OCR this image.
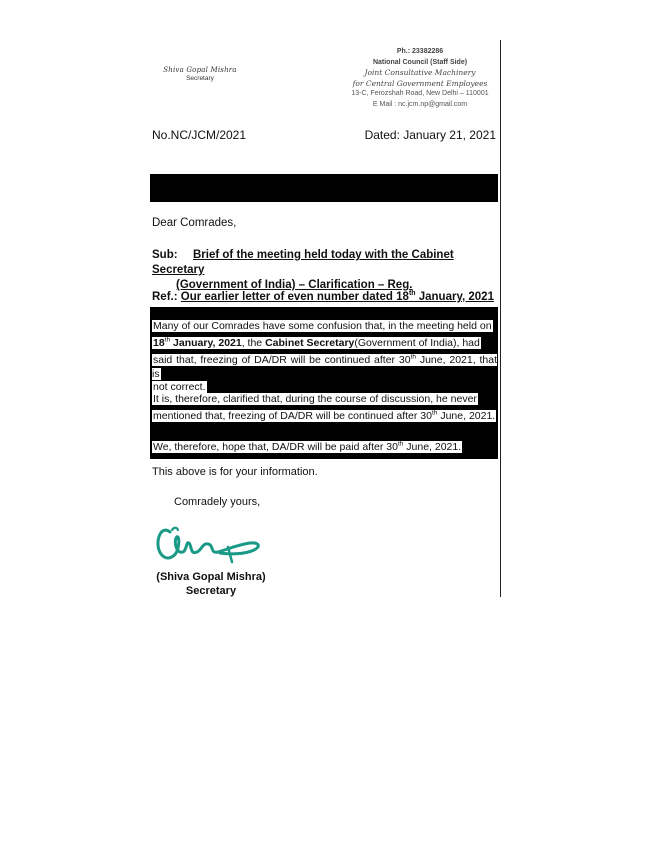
Shiva Gopal Mishra
Secretary
Ph.: 23382286
National Council (Staff Side)
Joint Consultative Machinery
for Central Government Employees
13-C, Ferozshah Road, New Delhi – 110001
E Mail : nc.jcm.np@gmail.com
No.NC/JCM/2021	Dated: January 21, 2021
Dear Comrades,
Sub: Brief of the meeting held today with the Cabinet Secretary
(Government of India) – Clarification – Reg.
Ref.: Our earlier letter of even number dated 18th January, 2021
Many of our Comrades have some confusion that, in the meeting held on
18th January, 2021, the Cabinet Secretary(Government of India), had
said that, freezing of DA/DR will be continued after 30th June, 2021, that is
not correct.
It is, therefore, clarified that, during the course of discussion, he never
mentioned that, freezing of DA/DR will be continued after 30th June, 2021.
We, therefore, hope that, DA/DR will be paid after 30th June, 2021.
This above is for your information.
Comradely yours,
(Shiva Gopal Mishra)
Secretary
